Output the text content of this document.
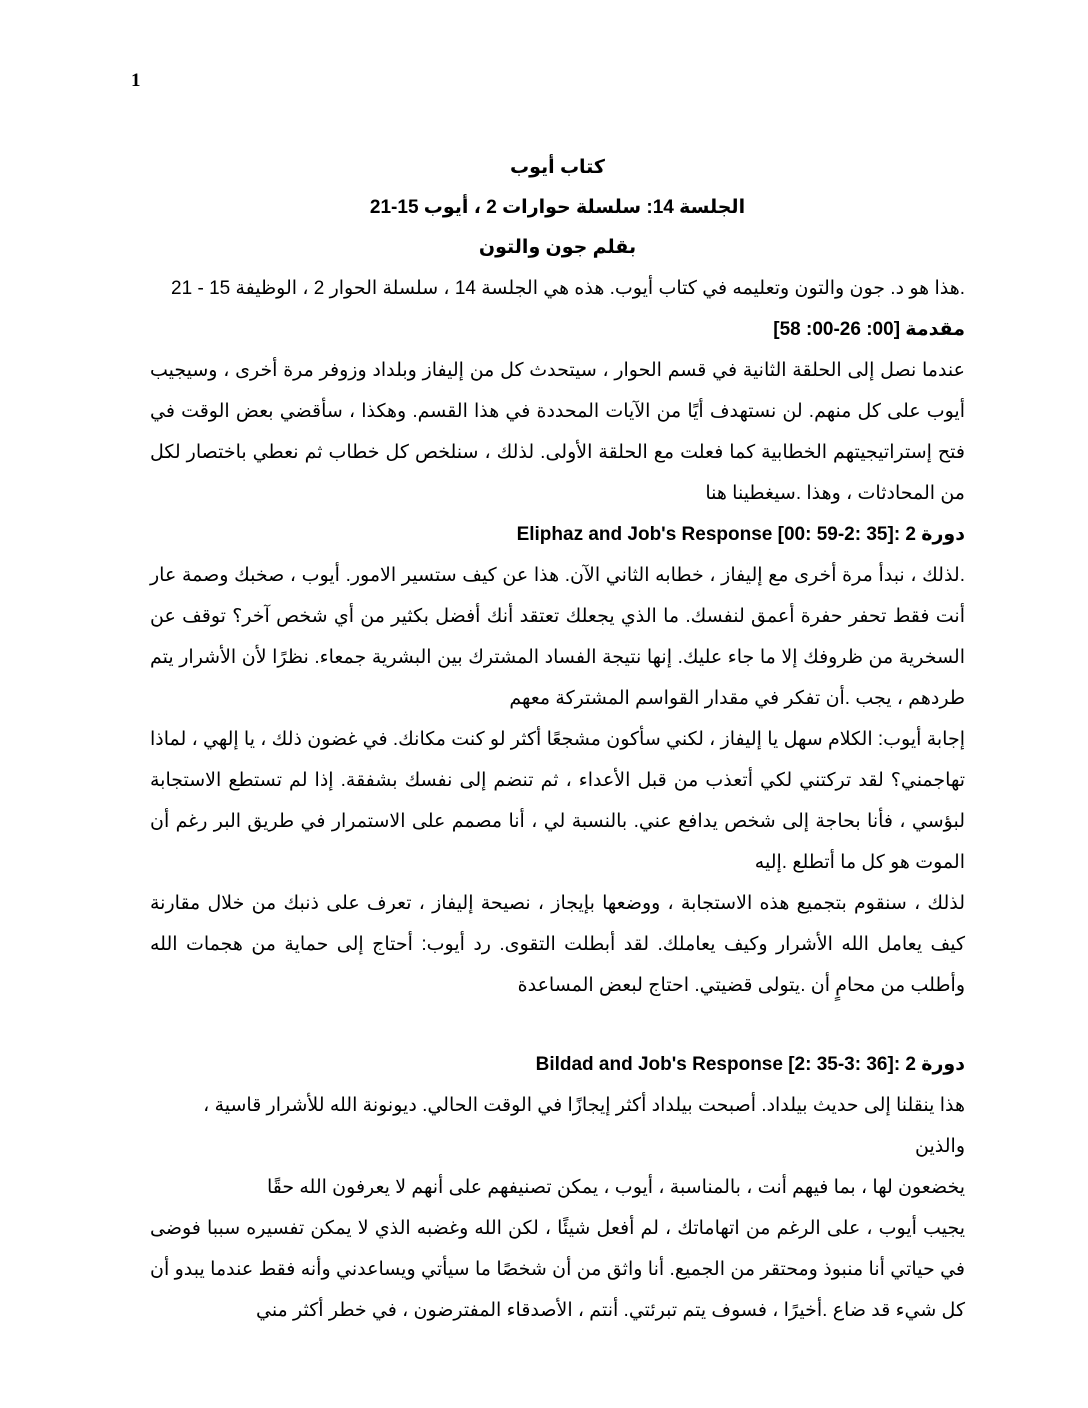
1
كتاب أيوب
الجلسة 14: سلسلة حوارات 2 ، أيوب 15-21
بقلم جون والتون
.هذا هو د. جون والتون وتعليمه في كتاب أيوب. هذه هي الجلسة 14 ، سلسلة الحوار 2 ، الوظيفة 15 - 21
مقدمة [00: 26-00: 58]

عندما نصل إلى الحلقة الثانية في قسم الحوار ، سيتحدث كل من إليفاز وبلداد وزوفر مرة أخرى ، وسيجيب أيوب على كل منهم. لن نستهدف أيًا من الآيات المحددة في هذا القسم. وهكذا ، سأقضي بعض الوقت في فتح إستراتيجيتهم الخطابية كما فعلت مع الحلقة الأولى. لذلك ، سنلخص كل خطاب ثم نعطي باختصار لكل من المحادثات ، وهذا .سيغطينا هنا

دورة 2 :Eliphaz and Job's Response [00: 59-2: 35]

.لذلك ، نبدأ مرة أخرى مع إليفاز ، خطابه الثاني الآن. هذا عن كيف ستسير الامور. أيوب ، صخبك وصمة عار أنت فقط تحفر حفرة أعمق لنفسك. ما الذي يجعلك تعتقد أنك أفضل بكثير من أي شخص آخر؟ توقف عن السخرية من ظروفك إلا ما جاء عليك. إنها نتيجة الفساد المشترك بين البشرية جمعاء. نظرًا لأن الأشرار يتم طردهم ، يجب .أن تفكر في مقدار القواسم المشتركة معهم

إجابة أيوب: الكلام سهل يا إليفاز ، لكني سأكون مشجعًا أكثر لو كنت مكانك. في غضون ذلك ، يا إلهي ، لماذا تهاجمني؟ لقد تركتني لكي أتعذب من قبل الأعداء ، ثم تنضم إلى نفسك بشفقة. إذا لم تستطع الاستجابة لبؤسي ، فأنا بحاجة إلى شخص يدافع عني. بالنسبة لي ، أنا مصمم على الاستمرار في طريق البر رغم أن الموت هو كل ما أتطلع .إليه

لذلك ، سنقوم بتجميع هذه الاستجابة ، ووضعها بإيجاز ، نصيحة إليفاز ، تعرف على ذنبك من خلال مقارنة كيف يعامل الله الأشرار وكيف يعاملك. لقد أبطلت التقوى. رد أيوب: أحتاج إلى حماية من هجمات الله وأطلب من محامٍ أن .يتولى قضيتي. احتاج لبعض المساعدة

دورة 2 :Bildad and Job's Response [2: 35-3: 36]

هذا ينقلنا إلى حديث بيلداد. أصبحت بيلداد أكثر إيجازًا في الوقت الحالي. ديونونة الله للأشرار قاسية ، والذين

يخضعون لها ، بما فيهم أنت ، بالمناسبة ، أيوب ، يمكن تصنيفهم على أنهم لا يعرفون الله حقًا

يجيب أيوب ، على الرغم من اتهاماتك ، لم أفعل شيئًا ، لكن الله وغضبه الذي لا يمكن تفسيره سببا فوضى في حياتي أنا منبوذ ومحتقر من الجميع. أنا واثق من أن شخصًا ما سيأتي ويساعدني وأنه فقط عندما يبدو أن كل شيء قد ضاع .أخيرًا ، فسوف يتم تبرئتي. أنتم ، الأصدقاء المفترضون ، في خطر أكثر مني
